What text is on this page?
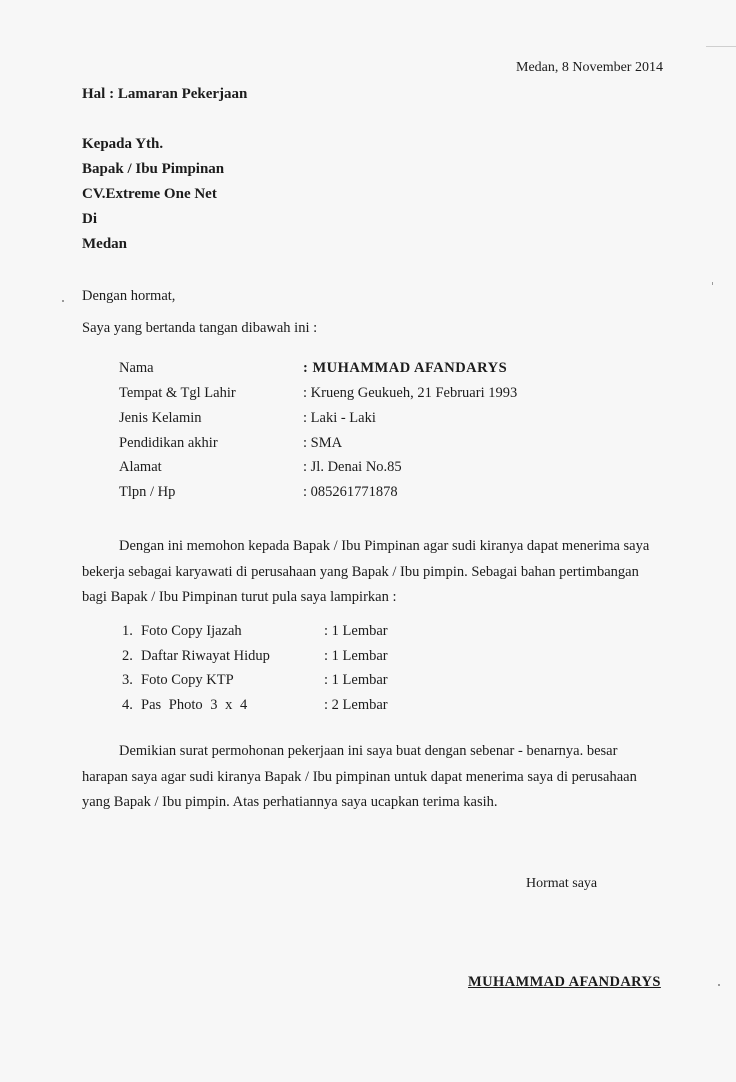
Medan, 8 November 2014
Hal : Lamaran Pekerjaan
Kepada Yth.
Bapak / Ibu Pimpinan
CV.Extreme One Net
Di
Medan
Dengan hormat,
Saya yang bertanda tangan dibawah ini :
Nama	: MUHAMMAD AFANDARYS
Tempat & Tgl Lahir	: Krueng Geukueh, 21 Februari 1993
Jenis Kelamin	: Laki - Laki
Pendidikan akhir	: SMA
Alamat	: Jl. Denai No.85
Tlpn / Hp	: 085261771878
Dengan ini memohon kepada Bapak / Ibu Pimpinan agar sudi kiranya dapat menerima saya bekerja sebagai karyawati di perusahaan yang Bapak / Ibu pimpin. Sebagai bahan pertimbangan bagi Bapak / Ibu Pimpinan turut pula saya lampirkan :
1. Foto Copy Ijazah	: 1 Lembar
2. Daftar Riwayat Hidup	: 1 Lembar
3. Foto Copy KTP	: 1 Lembar
4. Pas Photo 3 x 4	: 2 Lembar
Demikian surat permohonan pekerjaan ini saya buat dengan sebenar - benarnya. besar harapan saya agar sudi kiranya Bapak / Ibu pimpinan untuk dapat menerima saya di perusahaan yang Bapak / Ibu pimpin. Atas perhatiannya saya ucapkan terima kasih.
Hormat saya
MUHAMMAD AFANDARYS
